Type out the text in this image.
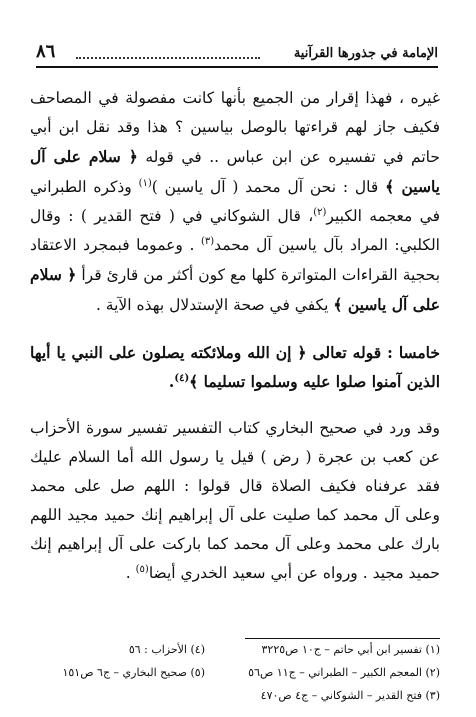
٨٦	الإمامة في جذورها القرآنية

غيره ، فهذا إقرار من الجميع بأنها كانت مفصولة في المصاحف فكيف جاز لهم قراءتها بالوصل بياسين ؟ هذا وقد نقل ابن أبي حاتم في تفسيره عن ابن عباس .. في قوله ﴿ سلام على آل ياسين ﴾ قال : نحن آل محمد ( آل ياسين )$^{(١)}$ وذكره الطبراني في معجمه الكبير$^{(٢)}$، قال الشوكاني في ( فتح القدير ) : وقال الكلبي: المراد بآل ياسين آل محمد$^{(٣)}$ . وعموما فبمجرد الاعتقاد بحجية القراءات المتواترة كلها مع كون أكثر من قارئ قرأ ﴿ سلام على آل ياسين ﴾ يكفي في صحة الإستدلال بهذه الآية .

خامسا : قوله تعالى ﴿ إن الله وملائكته يصلون على النبي يا أيها الذين آمنوا صلوا عليه وسلموا تسليما ﴾$^{(٤)}$.

وقد ورد في صحيح البخاري كتاب التفسير تفسير سورة الأحزاب عن كعب بن عجرة ( رض ) قيل يا رسول الله أما السلام عليك فقد عرفناه فكيف الصلاة قال قولوا : اللهم صل على محمد وعلى آل محمد كما صليت على آل إبراهيم إنك حميد مجيد اللهم بارك على محمد وعلى آل محمد كما باركت على آل إبراهيم إنك حميد مجيد . ورواه عن أبي سعيد الخدري أيضا$^{(٥)}$ .

(١) تفسير ابن أبي حاتم – ج١٠ ص٣٢٢٥
(٢) المعجم الكبير – الطبراني – ج١١ ص٥٦
(٣) فتح القدير – الشوكاني – ج٤ ص٤٧٠
(٤) الأحزاب : ٥٦
(٥) صحيح البخاري – ج٦ ص١٥١
